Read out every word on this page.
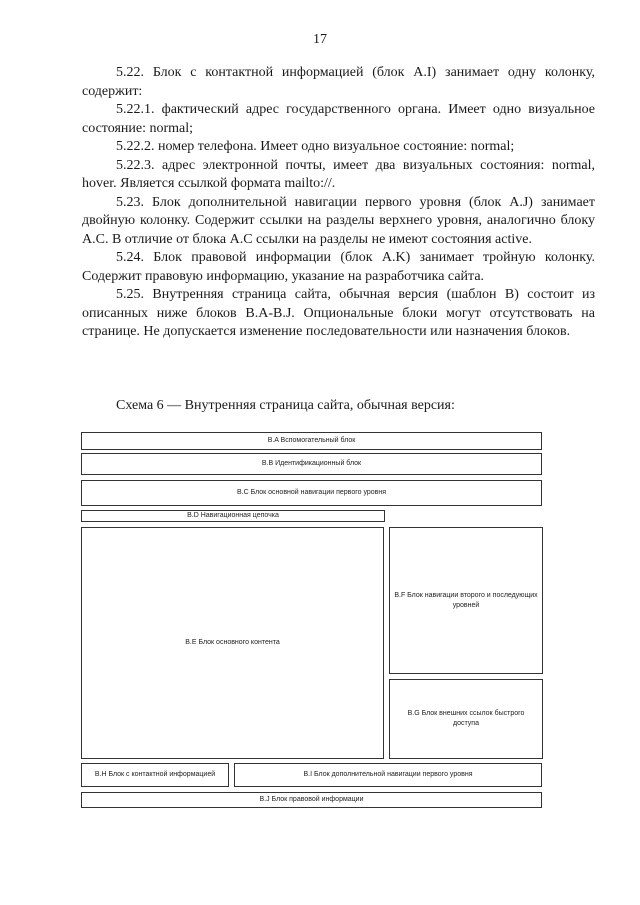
17

5.22. Блок с контактной информацией (блок A.I) занимает одну колонку, содержит:

5.22.1. фактический адрес государственного органа. Имеет одно визуальное состояние: normal;

5.22.2. номер телефона. Имеет одно визуальное состояние: normal;

5.22.3. адрес электронной почты, имеет два визуальных состояния: normal, hover. Является ссылкой формата mailto://.

5.23. Блок дополнительной навигации первого уровня (блок A.J) занимает двойную колонку. Содержит ссылки на разделы верхнего уровня, аналогично блоку A.C. В отличие от блока A.C ссылки на разделы не имеют состояния active.

5.24. Блок правовой информации (блок A.K) занимает тройную колонку. Содержит правовую информацию, указание на разработчика сайта.

5.25. Внутренняя страница сайта, обычная версия (шаблон B) состоит из описанных ниже блоков B.A-B.J. Опциональные блоки могут отсутствовать на странице. Не допускается изменение последовательности или назначения блоков.

Схема 6 — Внутренняя страница сайта, обычная версия:
B.A Вспомогательный блок
B.B Идентификационный блок
B.C Блок основной навигации первого уровня
B.D Навигационная цепочка
B.E Блок основного контента
B.F Блок навигации второго и последующих уровней
B.G Блок внешних ссылок быстрого доступа
B.H Блок с контактной информацией	B.I Блок дополнительной навигации первого уровня
B.J Блок правовой информации
